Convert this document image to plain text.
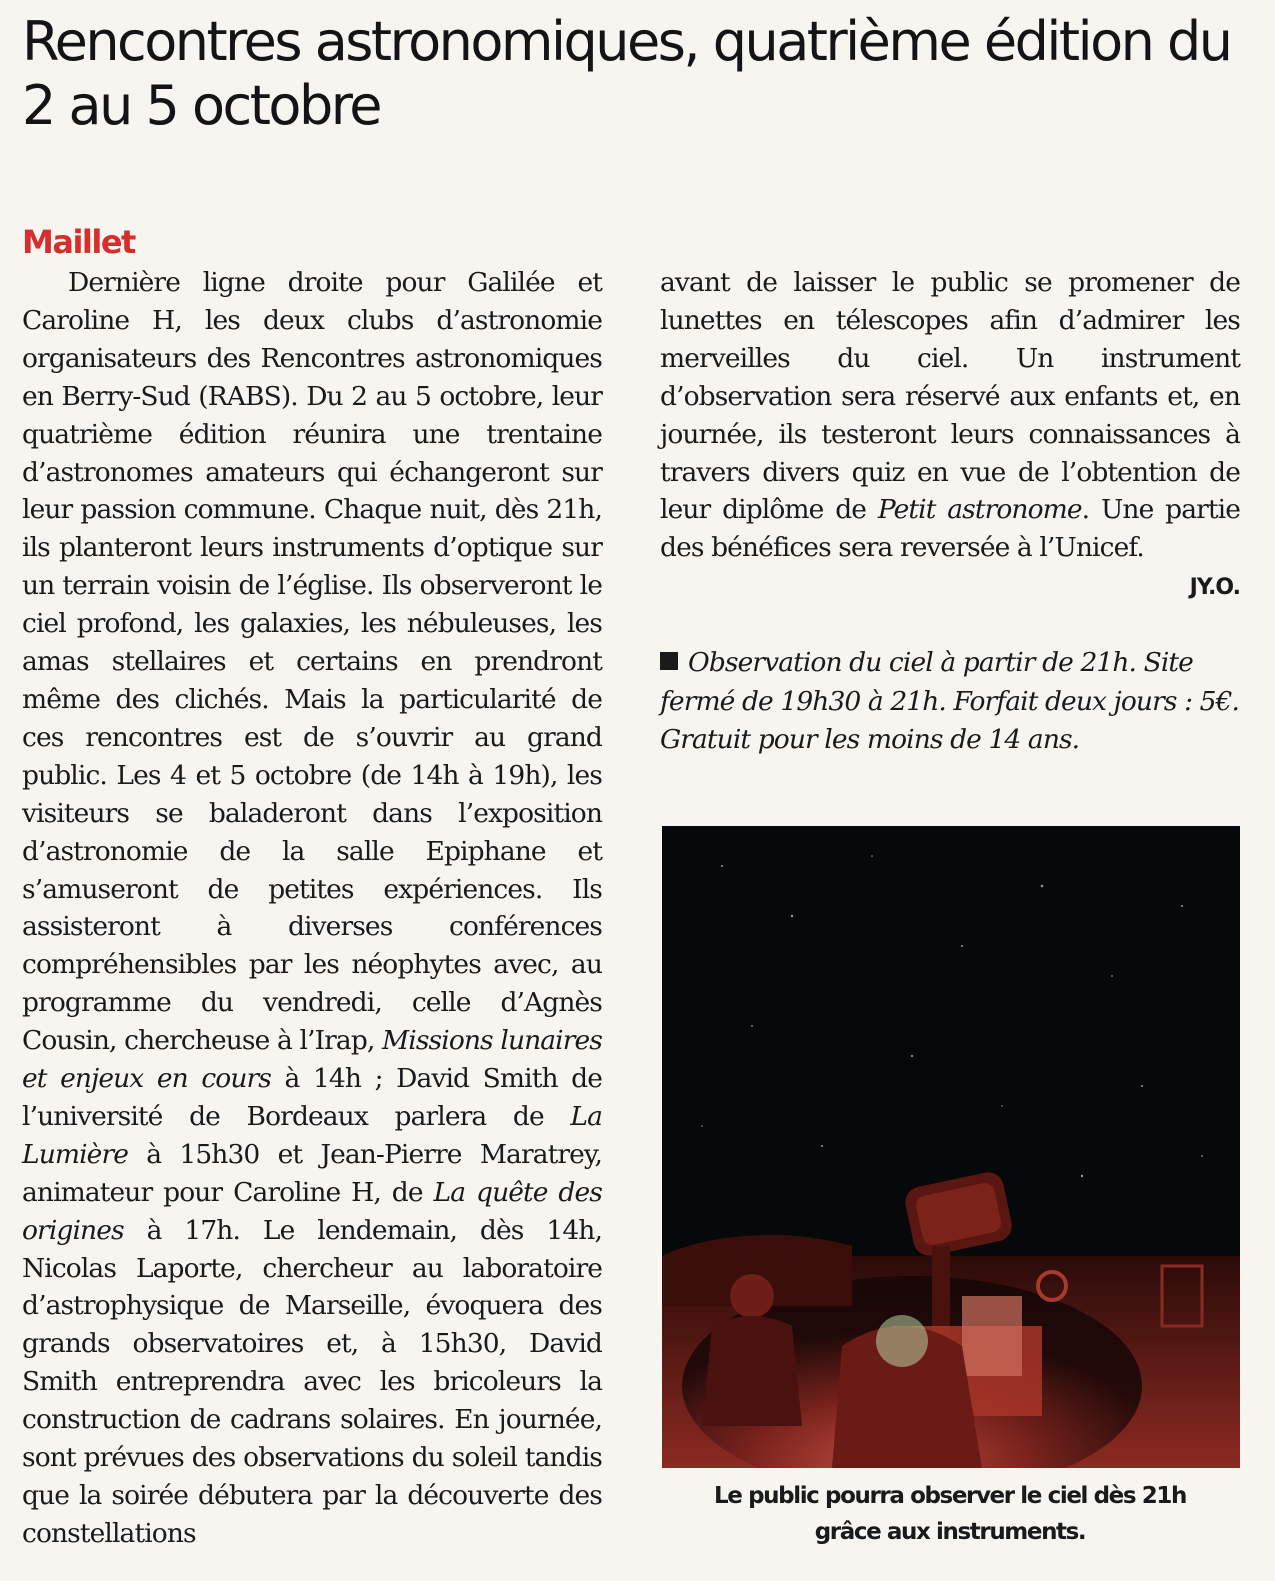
Rencontres astronomiques, quatrième édition du 2 au 5 octobre
Maillet

Dernière ligne droite pour Galilée et Caroline H, les deux clubs d’astronomie organisateurs des Rencontres astronomiques en Berry-Sud (RABS). Du 2 au 5 octobre, leur quatrième édition réunira une trentaine d’astronomes amateurs qui échangeront sur leur passion commune. Chaque nuit, dès 21h, ils planteront leurs instruments d’optique sur un terrain voisin de l’église. Ils observeront le ciel profond, les galaxies, les nébuleuses, les amas stellaires et certains en prendront même des clichés. Mais la particularité de ces rencontres est de s’ouvrir au grand public. Les 4 et 5 octobre (de 14h à 19h), les visiteurs se baladeront dans l’exposition d’astronomie de la salle Epiphane et s’amuseront de petites expériences. Ils assisteront à diverses conférences compréhensibles par les néophytes avec, au programme du vendredi, celle d’Agnès Cousin, chercheuse à l’Irap, Missions lunaires et enjeux en cours à 14h ; David Smith de l’université de Bordeaux parlera de La Lumière à 15h30 et Jean-Pierre Maratrey, animateur pour Caroline H, de La quête des origines à 17h. Le lendemain, dès 14h, Nicolas Laporte, chercheur au laboratoire d’astrophysique de Marseille, évoquera des grands observatoires et, à 15h30, David Smith entreprendra avec les bricoleurs la construction de cadrans solaires. En journée, sont prévues des observations du soleil tandis que la soirée débutera par la découverte des constellations

avant de laisser le public se promener de lunettes en télescopes afin d’admirer les merveilles du ciel. Un instrument d’observation sera réservé aux enfants et, en journée, ils testeront leurs connaissances à travers divers quiz en vue de l’obtention de leur diplôme de Petit astronome. Une partie des bénéfices sera reversée à l’Unicef.

JY.O.
Observation du ciel à partir de 21h. Site fermé de 19h30 à 21h. Forfait deux jours : 5€. Gratuit pour les moins de 14 ans.
Le public pourra observer le ciel dès 21h
grâce aux instruments.
